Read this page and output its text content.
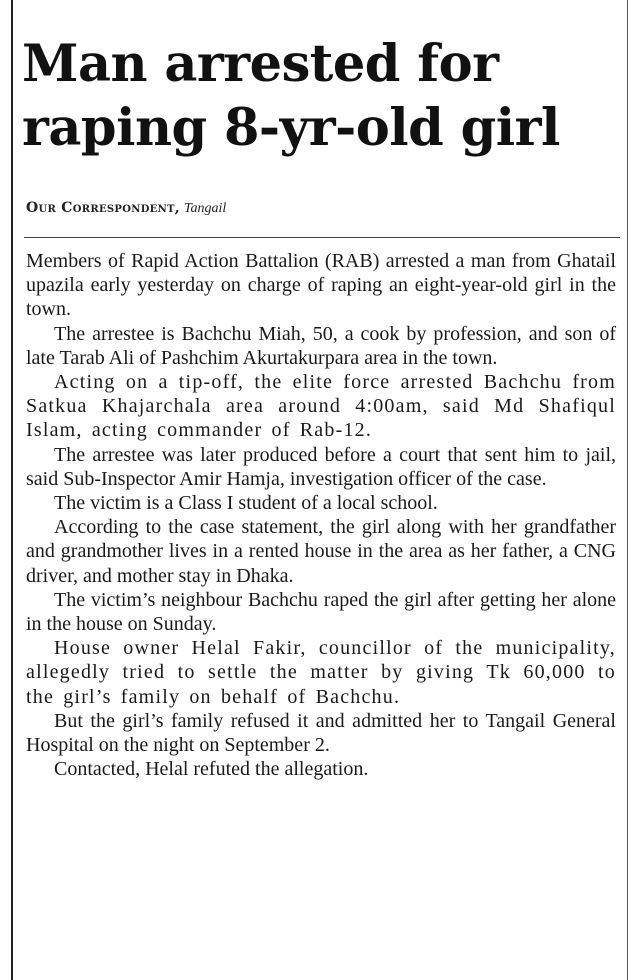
Man arrested for raping 8-yr-old girl
Our Correspondent, Tangail

Members of Rapid Action Battalion (RAB) arrested a man from Ghatail upazila early yesterday on charge of raping an eight-year-old girl in the town.

The arrestee is Bachchu Miah, 50, a cook by profession, and son of late Tarab Ali of Pashchim Akurtakurpara area in the town.

Acting on a tip-off, the elite force arrested Bachchu from Satkua Khajarchala area around 4:00am, said Md Shafiqul Islam, acting commander of Rab-12.

The arrestee was later produced before a court that sent him to jail, said Sub-Inspector Amir Hamja, investigation officer of the case.

The victim is a Class I student of a local school.

According to the case statement, the girl along with her grandfather and grandmother lives in a rented house in the area as her father, a CNG driver, and mother stay in Dhaka.

The victim’s neighbour Bachchu raped the girl after getting her alone in the house on Sunday.

House owner Helal Fakir, councillor of the municipality, allegedly tried to settle the matter by giving Tk 60,000 to the girl’s family on behalf of Bachchu.

But the girl’s family refused it and admitted her to Tangail General Hospital on the night on September 2.

Contacted, Helal refuted the allegation.
